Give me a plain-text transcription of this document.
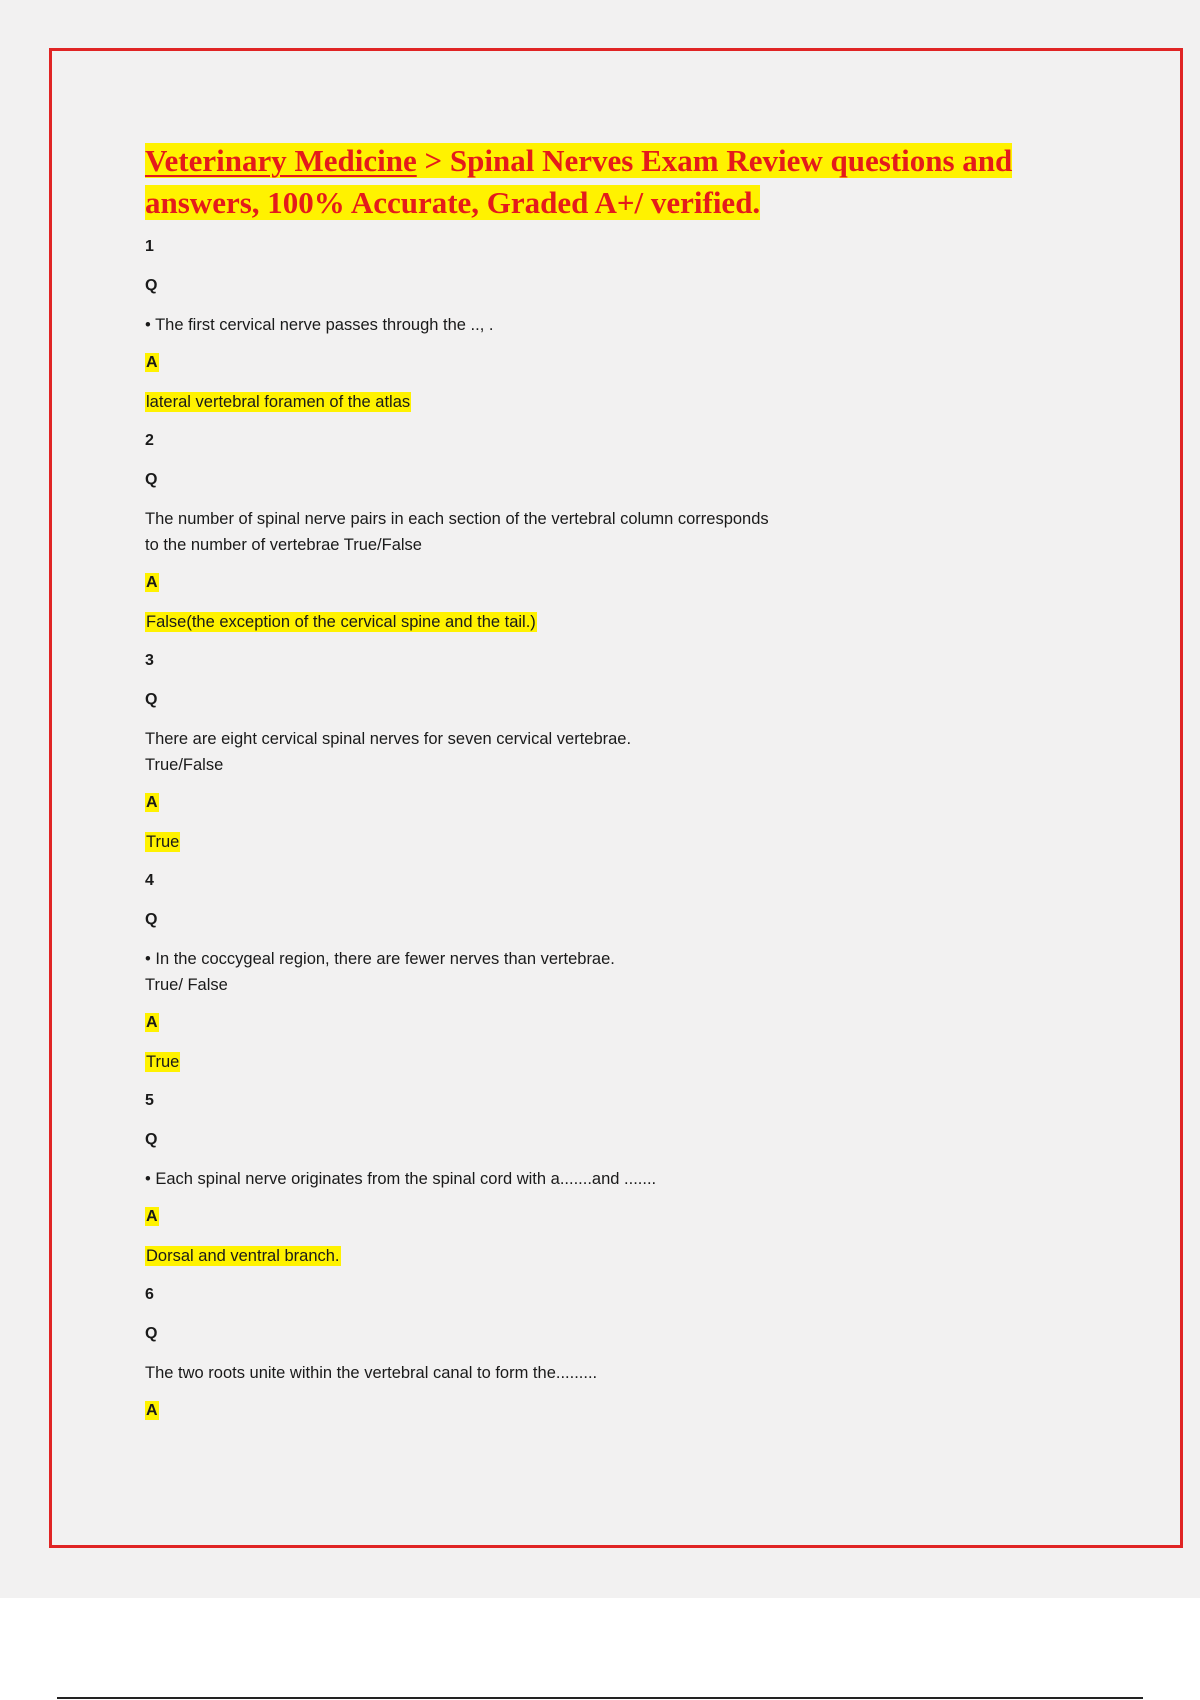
Veterinary Medicine > Spinal Nerves Exam Review questions and answers, 100% Accurate, Graded A+/ verified.
1
Q
• The first cervical nerve passes through the .., .
A
lateral vertebral foramen of the atlas
2
Q
The number of spinal nerve pairs in each section of the vertebral column corresponds
to the number of vertebrae True/False
A
False(the exception of the cervical spine and the tail.)
3
Q
There are eight cervical spinal nerves for seven cervical vertebrae.
True/False
A
True
4
Q
• In the coccygeal region, there are fewer nerves than vertebrae.
True/ False
A
True
5
Q
• Each spinal nerve originates from the spinal cord with a.......and .......
A
Dorsal and ventral branch.
6
Q
The two roots unite within the vertebral canal to form the.........
A
